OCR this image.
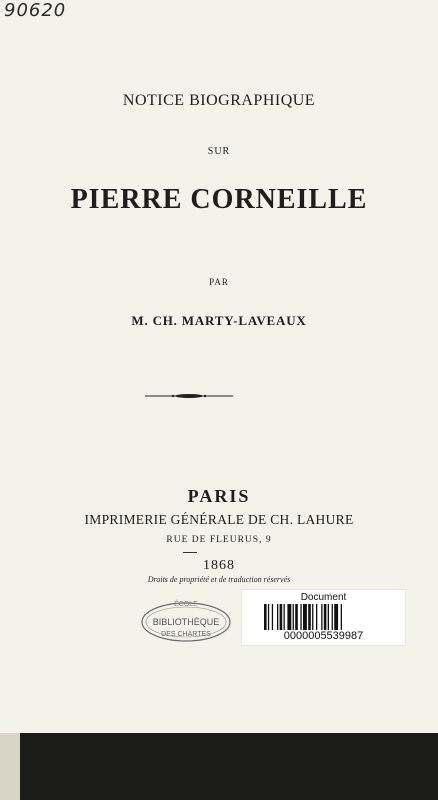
90620
NOTICE BIOGRAPHIQUE
SUR
PIERRE CORNEILLE
PAR
M. CH. MARTY-LAVEAUX
PARIS
IMPRIMERIE GÉNÉRALE DE CH. LAHURE
RUE DE FLEURUS, 9
1868
Droits de propriété et de traduction réservés
ÉCOLE
BIBLIOTHÈQUE
DES CHARTES
Document
0000005539987
